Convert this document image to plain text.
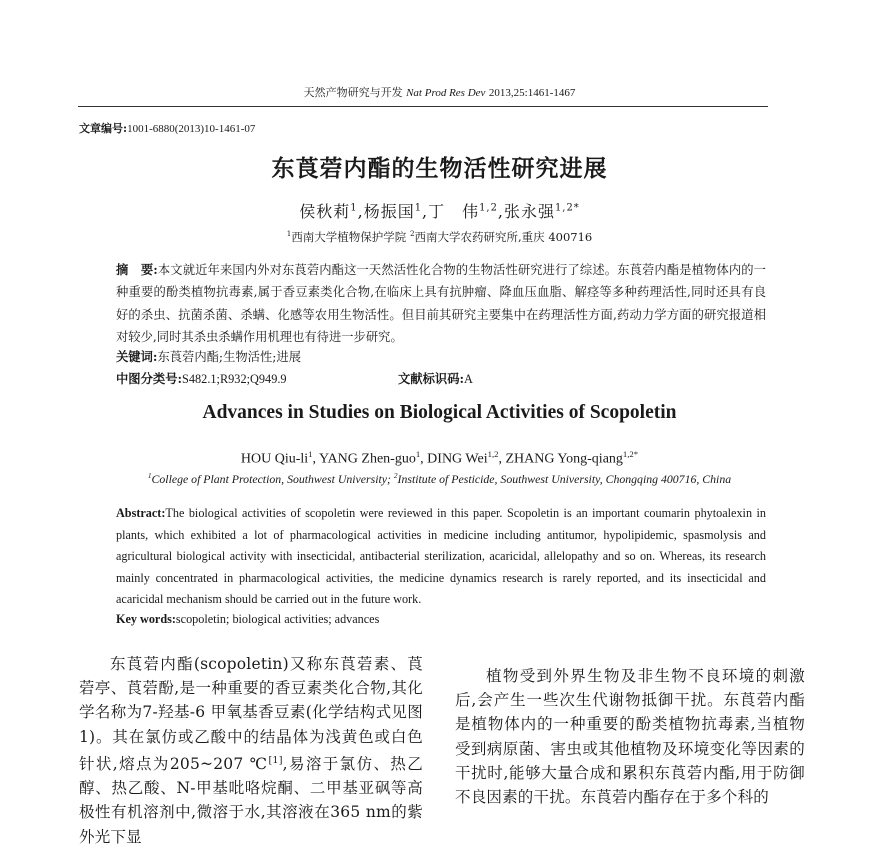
天然产物研究与开发 Nat Prod Res Dev 2013,25:1461-1467
文章编号:1001-6880(2013)10-1461-07
东莨菪内酯的生物活性研究进展
侯秋莉$^1$,杨振国$^1$,丁　伟$^{1,2}$,张永强$^{1,2*}$
$^1$西南大学植物保护学院 $^2$西南大学农药研究所,重庆 400716
摘　要:本文就近年来国内外对东莨菪内酯这一天然活性化合物的生物活性研究进行了综述。东莨菪内酯是植物体内的一种重要的酚类植物抗毒素,属于香豆素类化合物,在临床上具有抗肿瘤、降血压血脂、解痉等多种药理活性,同时还具有良好的杀虫、抗菌杀菌、杀螨、化感等农用生物活性。但目前其研究主要集中在药理活性方面,药动力学方面的研究报道相对较少,同时其杀虫杀螨作用机理也有待进一步研究。
关键词:东莨菪内酯;生物活性;进展
中图分类号:S482.1;R932;Q949.9	文献标识码:A
Advances in Studies on Biological Activities of Scopoletin
HOU Qiu-$li^1$, YANG Zhen-guo$^1$, DING Wei$^{1,2}$, ZHANG Yong-qiang$^{1,2*}$
$^1$College of Plant Protection, Southwest University; $^2$Institute of Pesticide, Southwest University, Chongqing 400716, China
Abstract:The biological activities of scopoletin were reviewed in this paper. Scopoletin is an important coumarin phytoalexin in plants, which exhibited a lot of pharmacological activities in medicine including antitumor, hypolipidemic, spasmolysis and agricultural biological activity with insecticidal, antibacterial sterilization, acaricidal, allelopathy and so on. Whereas, its research mainly concentrated in pharmacological activities, the medicine dynamics research is rarely reported, and its insecticidal and acaricidal mechanism should be carried out in the future work.
Key words:scopoletin; biological activities; advances
东莨菪内酯(scopoletin)又称东莨菪素、莨菪亭、莨菪酚,是一种重要的香豆素类化合物,其化学名称为7-羟基-6 甲氧基香豆素(化学结构式见图1)。其在氯仿或乙酸中的结晶体为浅黄色或白色针状,熔点为205~207 ℃[1],易溶于氯仿、热乙醇、热乙酸、N-甲基吡咯烷酮、二甲基亚砜等高极性有机溶剂中,微溶于水,其溶液在365 nm的紫外光下显
植物受到外界生物及非生物不良环境的刺激后,会产生一些次生代谢物抵御干扰。东莨菪内酯是植物体内的一种重要的酚类植物抗毒素,当植物受到病原菌、害虫或其他植物及环境变化等因素的干扰时,能够大量合成和累积东莨菪内酯,用于防御不良因素的干扰。东莨菪内酯存在于多个科的
